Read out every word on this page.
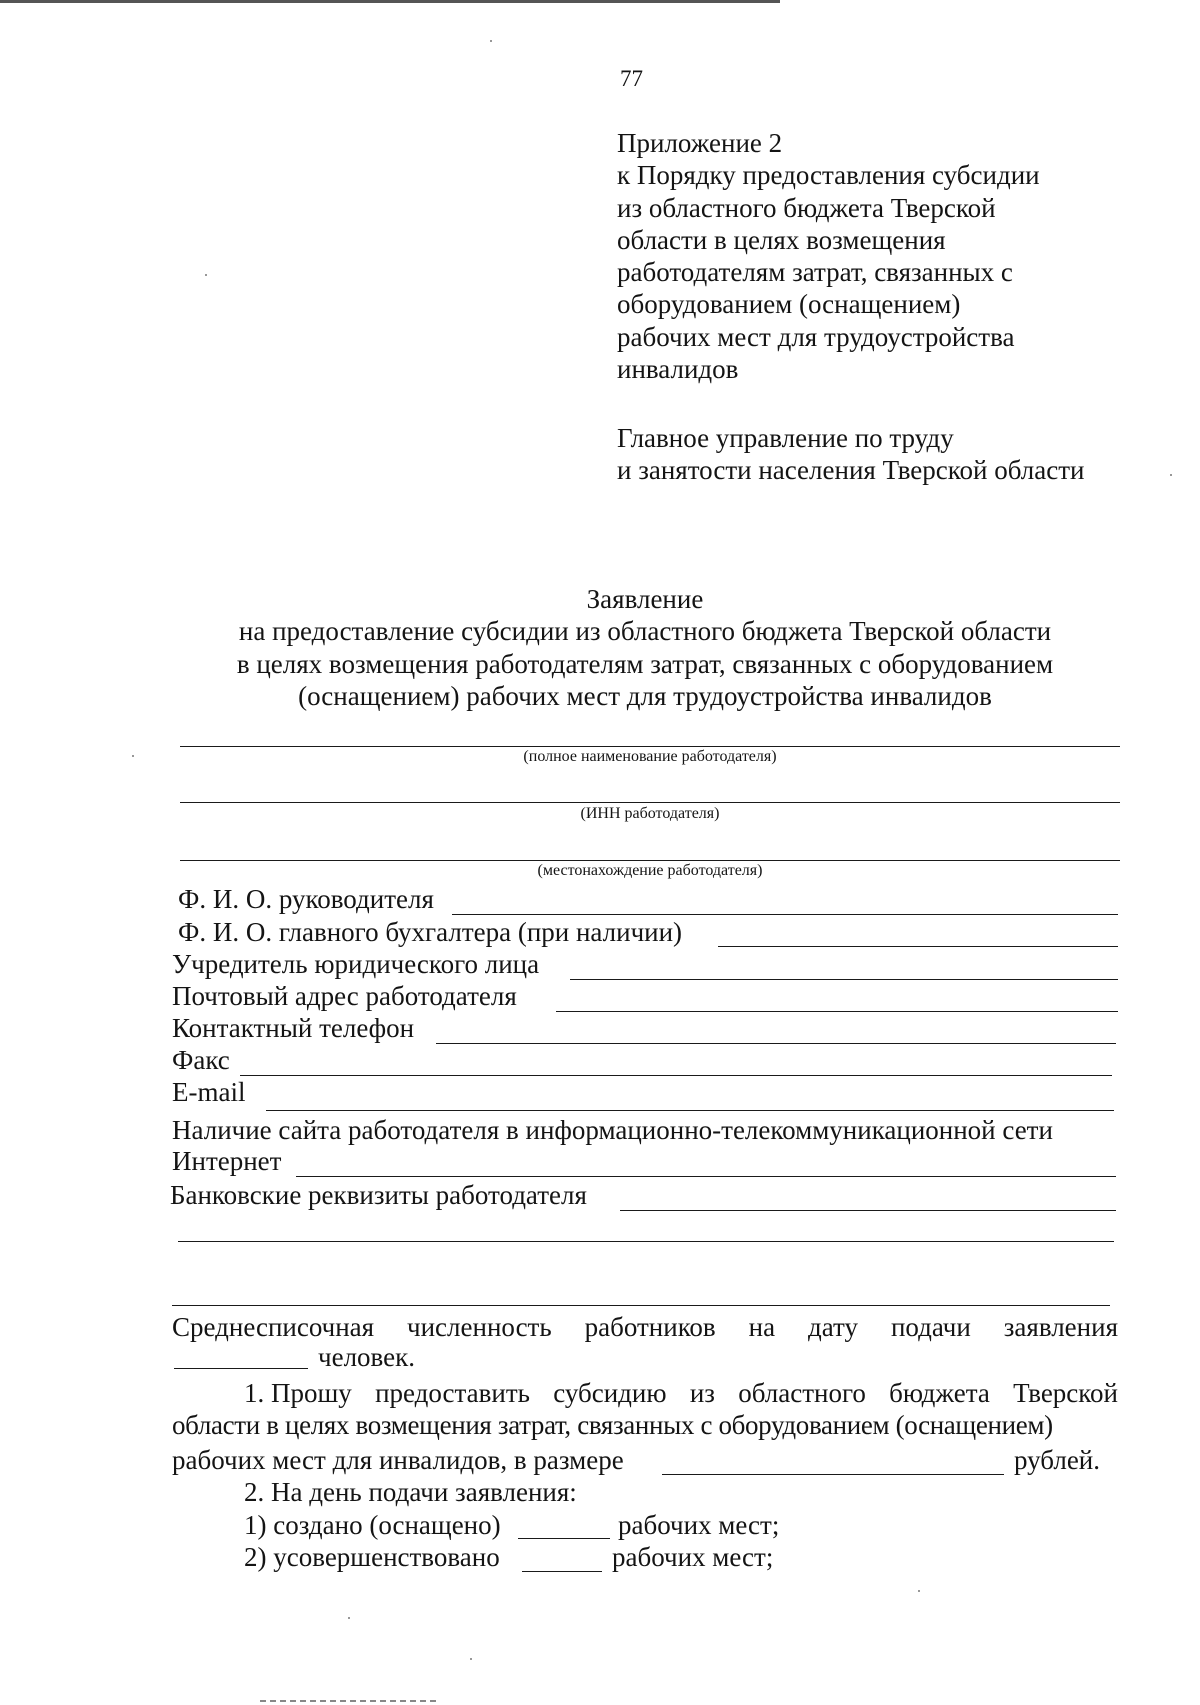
77
Приложение 2
к Порядку предоставления субсидии
из областного бюджета Тверской
области в целях возмещения
работодателям затрат, связанных с
оборудованием (оснащением)
рабочих мест для трудоустройства
инвалидов
Главное управление по труду
и занятости населения Тверской области
Заявление
на предоставление субсидии из областного бюджета Тверской области
в целях возмещения работодателям затрат, связанных с оборудованием
(оснащением) рабочих мест для трудоустройства инвалидов
(полное наименование работодателя)
(ИНН работодателя)
(местонахождение работодателя)
Ф. И. О. руководителя
Ф. И. О. главного бухгалтера (при наличии)
Учредитель юридического лица
Почтовый адрес работодателя
Контактный телефон
Факс
E-mail
Наличие сайта работодателя в информационно-телекоммуникационной сети
Интернет
Банковские реквизиты работодателя
Среднесписочная численность работников на дату подачи заявления
человек.
1. Прошу предоставить субсидию из областного бюджета Тверской
области в целях возмещения затрат, связанных с оборудованием (оснащением)
рабочих мест для инвалидов, в размере	рублей.
2. На день подачи заявления:
1) создано (оснащено)	рабочих мест;
2) усовершенствовано	рабочих мест;
